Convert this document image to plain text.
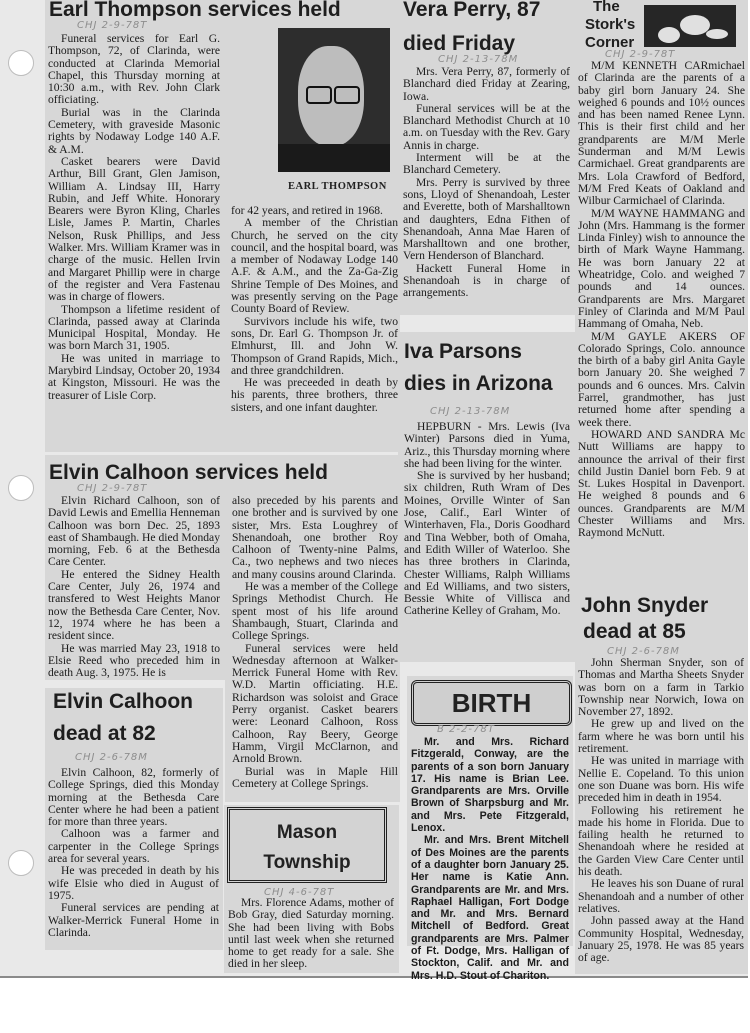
Earl Thompson services held
CHJ 2-9-78T

Funeral services for Earl G. Thompson, 72, of Clarinda, were conducted at Clarinda Memorial Chapel, this Thursday morning at 10:30 a.m., with Rev. John Clark officiating.

Burial was in the Clarinda Cemetery, with graveside Masonic rights by Nodaway Lodge 140 A.F. & A.M.

Casket bearers were David Arthur, Bill Grant, Glen Jamison, William A. Lindsay III, Harry Rubin, and Jeff White. Honorary Bearers were Byron Kling, Charles Lisle, James P. Martin, Charles Nelson, Rusk Phillips, and Jess Walker. Mrs. William Kramer was in charge of the music. Hellen Irvin and Margaret Phillip were in charge of the register and Vera Fastenau was in charge of flowers.

Thompson a lifetime resident of Clarinda, passed away at Clarinda Municipal Hospital, Monday. He was born March 31, 1905.

He was united in marriage to Marybird Lindsay, October 20, 1934 at Kingston, Missouri. He was the treasurer of Lisle Corp.

EARL THOMPSON

for 42 years, and retired in 1968.

A member of the Christian Church, he served on the city council, and the hospital board, was a member of Nodaway Lodge 140 A.F. & A.M., and the Za-Ga-Zig Shrine Temple of Des Moines, and was presently serving on the Page County Board of Review.

Survivors include his wife, two sons, Dr. Earl G. Thompson Jr. of Elmhurst, Ill. and John W. Thompson of Grand Rapids, Mich., and three grandchildren.

He was preceeded in death by his parents, three brothers, three sisters, and one infant daughter.

Elvin Calhoon services held
CHJ 2-9-78T

Elvin Richard Calhoon, son of David Lewis and Emellia Henneman Calhoon was born Dec. 25, 1893 east of Shambaugh. He died Monday morning, Feb. 6 at the Bethesda Care Center.

He entered the Sidney Health Care Center, July 26, 1974 and transfered to West Heights Manor now the Bethesda Care Center, Nov. 12, 1974 where he has been a resident since.

He was married May 23, 1918 to Elsie Reed who preceded him in death Aug. 3, 1975. He is

also preceded by his parents and one brother and is survived by one sister, Mrs. Esta Loughrey of Shenandoah, one brother Roy Calhoon of Twenty-nine Palms, Ca., two nephews and two nieces and many cousins around Clarinda.

He was a member of the College Springs Methodist Church. He spent most of his life around Shambaugh, Stuart, Clarinda and College Springs.

Funeral services were held Wednesday afternoon at Walker-Merrick Funeral Home with Rev. W.D. Martin officiating. H.E. Richardson was soloist and Grace Perry organist. Casket bearers were: Leonard Calhoon, Ross Calhoon, Ray Beery, George Hamm, Virgil McClarnon, and Arnold Brown.

Burial was in Maple Hill Cemetery at College Springs.

Elvin Calhoon
dead at 82
CHJ 2-6-78M

Elvin Calhoon, 82, formerly of College Springs, died this Monday morning at the Bethesda Care Center where he had been a patient for more than three years.

Calhoon was a farmer and carpenter in the College Springs area for several years.

He was preceded in death by his wife Elsie who died in August of 1975.

Funeral services are pending at Walker-Merrick Funeral Home in Clarinda.

Mason
Township
CHJ 4-6-78T

Mrs. Florence Adams, mother of Bob Gray, died Saturday morning. She had been living with Bobs until last week when she returned home to get ready for a sale. She died in her sleep.

Vera Perry, 87
died Friday
CHJ 2-13-78M

Mrs. Vera Perry, 87, formerly of Blanchard died Friday at Zearing, Iowa.

Funeral services will be at the Blanchard Methodist Church at 10 a.m. on Tuesday with the Rev. Gary Annis in charge.

Interment will be at the Blanchard Cemetery.

Mrs. Perry is survived by three sons, Lloyd of Shenandoah, Lester and Everette, both of Marshalltown and daughters, Edna Fithen of Shenandoah, Anna Mae Haren of Marshalltown and one brother, Vern Henderson of Blanchard.

Hackett Funeral Home in Shenandoah is in charge of arrangements.

Iva Parsons
dies in Arizona
CHJ 2-13-78M

HEPBURN - Mrs. Lewis (Iva Winter) Parsons died in Yuma, Ariz., this Thursday morning where she had been living for the winter.

She is survived by her husband; six children, Ruth Wram of Des Moines, Orville Winter of San Jose, Calif., Earl Winter of Winterhaven, Fla., Doris Goodhard and Tina Webber, both of Omaha, and Edith Willer of Waterloo. She has three brothers in Clarinda, Chester Williams, Ralph Williams and Ed Williams, and two sisters, Bessie White of Villisca and Catherine Kelley of Graham, Mo.

BIRTH
B 2-2-78T

Mr. and Mrs. Richard Fitzgerald, Conway, are the parents of a son born January 17. His name is Brian Lee. Grandparents are Mrs. Orville Brown of Sharpsburg and Mr. and Mrs. Pete Fitzgerald, Lenox.

Mr. and Mrs. Brent Mitchell of Des Moines are the parents of a daughter born January 25. Her name is Katie Ann. Grandparents are Mr. and Mrs. Raphael Halligan, Fort Dodge and Mr. and Mrs. Bernard Mitchell of Bedford. Great grandparents are Mrs. Palmer of Ft. Dodge, Mrs. Halligan of Stockton, Calif. and Mr. and Mrs. H.D. Stout of Chariton.

The
Stork's
Corner
CHJ 2-9-78T

M/M KENNETH CARmichael of Clarinda are the parents of a baby girl born January 24. She weighed 6 pounds and 10½ ounces and has been named Renee Lynn. This is their first child and her grandparents are M/M Merle Sunderman and M/M Lewis Carmichael. Great grandparents are Mrs. Lola Crawford of Bedford, M/M Fred Keats of Oakland and Wilbur Carmichael of Clarinda.

M/M WAYNE HAMMANG and John (Mrs. Hammang is the former Linda Finley) wish to announce the birth of Mark Wayne Hammang. He was born January 22 at Wheatridge, Colo. and weighed 7 pounds and 14 ounces. Grandparents are Mrs. Margaret Finley of Clarinda and M/M Paul Hammang of Omaha, Neb.

M/M GAYLE AKERS OF Colorado Springs, Colo. announce the birth of a baby girl Anita Gayle born January 20. She weighed 7 pounds and 6 ounces. Mrs. Calvin Farrel, grandmother, has just returned home after spending a week there.

HOWARD AND SANDRA Mc Nutt Williams are happy to announce the arrival of their first child Justin Daniel born Feb. 9 at St. Lukes Hospital in Davenport. He weighed 8 pounds and 6 ounces. Grandparents are M/M Chester Williams and Mrs. Raymond McNutt.

John Snyder
dead at 85
CHJ 2-6-78M

John Sherman Snyder, son of Thomas and Martha Sheets Snyder was born on a farm in Tarkio Township near Norwich, Iowa on November 27, 1892.

He grew up and lived on the farm where he was born until his retirement.

He was united in marriage with Nellie E. Copeland. To this union one son Duane was born. His wife preceded him in death in 1954.

Following his retirement he made his home in Florida. Due to failing health he returned to Shenandoah where he resided at the Garden View Care Center until his death.

He leaves his son Duane of rural Shenandoah and a number of other relatives.

John passed away at the Hand Community Hospital, Wednesday, January 25, 1978. He was 85 years of age.
